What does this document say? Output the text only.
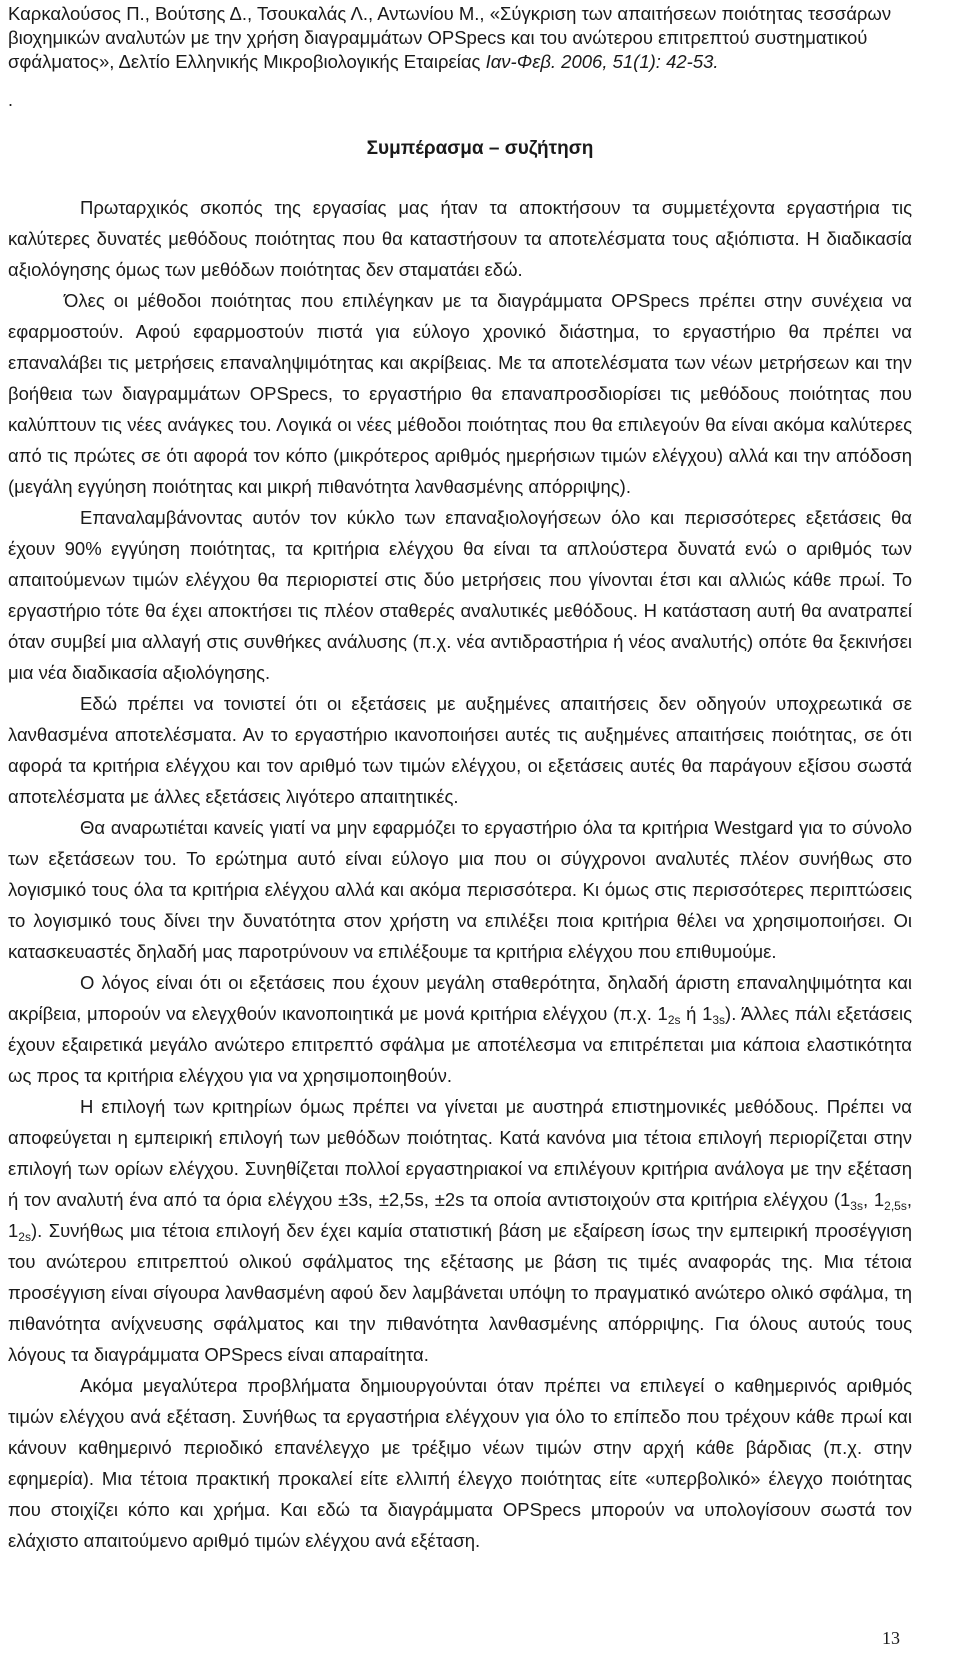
Καρκαλούσος Π., Βούτσης Δ., Τσουκαλάς Λ., Αντωνίου Μ., «Σύγκριση των απαιτήσεων ποιότητας τεσσάρων βιοχημικών αναλυτών με την χρήση διαγραμμάτων OPSpecs και του ανώτερου επιτρεπτού συστηματικού σφάλματος», Δελτίο Ελληνικής Μικροβιολογικής Εταιρείας Ιαν-Φεβ. 2006, 51(1): 42-53.
.
Συμπέρασμα – συζήτηση

Πρωταρχικός σκοπός της εργασίας μας ήταν τα αποκτήσουν τα συμμετέχοντα εργαστήρια τις καλύτερες δυνατές μεθόδους ποιότητας που θα καταστήσουν τα αποτελέσματα τους αξιόπιστα. Η διαδικασία αξιολόγησης όμως των μεθόδων ποιότητας δεν σταματάει εδώ.

Όλες οι μέθοδοι ποιότητας που επιλέγηκαν με τα διαγράμματα OPSpecs πρέπει στην συνέχεια να εφαρμοστούν. Αφού εφαρμοστούν πιστά για εύλογο χρονικό διάστημα, το εργαστήριο θα πρέπει να επαναλάβει τις μετρήσεις επαναληψιμότητας και ακρίβειας. Με τα αποτελέσματα των νέων μετρήσεων και την βοήθεια των διαγραμμάτων OPSpecs, το εργαστήριο θα επαναπροσδιορίσει τις μεθόδους ποιότητας που καλύπτουν τις νέες ανάγκες του. Λογικά οι νέες μέθοδοι ποιότητας που θα επιλεγούν θα είναι ακόμα καλύτερες από τις πρώτες σε ότι αφορά τον κόπο (μικρότερος αριθμός ημερήσιων τιμών ελέγχου) αλλά και την απόδοση (μεγάλη εγγύηση ποιότητας και μικρή πιθανότητα λανθασμένης απόρριψης).

Επαναλαμβάνοντας αυτόν τον κύκλο των επαναξιολογήσεων όλο και περισσότερες εξετάσεις θα έχουν 90% εγγύηση ποιότητας, τα κριτήρια ελέγχου θα είναι τα απλούστερα δυνατά ενώ ο αριθμός των απαιτούμενων τιμών ελέγχου θα περιοριστεί στις δύο μετρήσεις που γίνονται έτσι και αλλιώς κάθε πρωί. Το εργαστήριο τότε θα έχει αποκτήσει τις πλέον σταθερές αναλυτικές μεθόδους. Η κατάσταση αυτή θα ανατραπεί όταν συμβεί μια αλλαγή στις συνθήκες ανάλυσης (π.χ. νέα αντιδραστήρια ή νέος αναλυτής) οπότε θα ξεκινήσει μια νέα διαδικασία αξιολόγησης.

Εδώ πρέπει να τονιστεί ότι οι εξετάσεις με αυξημένες απαιτήσεις δεν οδηγούν υποχρεωτικά σε λανθασμένα αποτελέσματα. Αν το εργαστήριο ικανοποιήσει αυτές τις αυξημένες απαιτήσεις ποιότητας, σε ότι αφορά τα κριτήρια ελέγχου και τον αριθμό των τιμών ελέγχου, οι εξετάσεις αυτές θα παράγουν εξίσου σωστά αποτελέσματα με άλλες εξετάσεις λιγότερο απαιτητικές.

Θα αναρωτιέται κανείς γιατί να μην εφαρμόζει το εργαστήριο όλα τα κριτήρια Westgard για το σύνολο των εξετάσεων του. Το ερώτημα αυτό είναι εύλογο μια που οι σύγχρονοι αναλυτές πλέον συνήθως στο λογισμικό τους όλα τα κριτήρια ελέγχου αλλά και ακόμα περισσότερα. Κι όμως στις περισσότερες περιπτώσεις το λογισμικό τους δίνει την δυνατότητα στον χρήστη να επιλέξει ποια κριτήρια θέλει να χρησιμοποιήσει. Οι κατασκευαστές δηλαδή μας παροτρύνουν να επιλέξουμε τα κριτήρια ελέγχου που επιθυμούμε.

Ο λόγος είναι ότι οι εξετάσεις που έχουν μεγάλη σταθερότητα, δηλαδή άριστη επαναληψιμότητα και ακρίβεια, μπορούν να ελεγχθούν ικανοποιητικά με μονά κριτήρια ελέγχου (π.χ. $1_{2s}$ ή $1_{3s}$). Άλλες πάλι εξετάσεις έχουν εξαιρετικά μεγάλο ανώτερο επιτρεπτό σφάλμα με αποτέλεσμα να επιτρέπεται μια κάποια ελαστικότητα ως προς τα κριτήρια ελέγχου για να χρησιμοποιηθούν.

Η επιλογή των κριτηρίων όμως πρέπει να γίνεται με αυστηρά επιστημονικές μεθόδους. Πρέπει να αποφεύγεται η εμπειρική επιλογή των μεθόδων ποιότητας. Κατά κανόνα μια τέτοια επιλογή περιορίζεται στην επιλογή των ορίων ελέγχου. Συνηθίζεται πολλοί εργαστηριακοί να επιλέγουν κριτήρια ανάλογα με την εξέταση ή τον αναλυτή ένα από τα όρια ελέγχου ±3s, ±2,5s, ±2s τα οποία αντιστοιχούν στα κριτήρια ελέγχου ($1_{3s}$, $1_{2,5s}$, $1_{2s}$). Συνήθως μια τέτοια επιλογή δεν έχει καμία στατιστική βάση με εξαίρεση ίσως την εμπειρική προσέγγιση του ανώτερου επιτρεπτού ολικού σφάλματος της εξέτασης με βάση τις τιμές αναφοράς της. Μια τέτοια προσέγγιση είναι σίγουρα λανθασμένη αφού δεν λαμβάνεται υπόψη το πραγματικό ανώτερο ολικό σφάλμα, τη πιθανότητα ανίχνευσης σφάλματος και την πιθανότητα λανθασμένης απόρριψης. Για όλους αυτούς τους λόγους τα διαγράμματα OPSpecs είναι απαραίτητα.

Ακόμα μεγαλύτερα προβλήματα δημιουργούνται όταν πρέπει να επιλεγεί ο καθημερινός αριθμός τιμών ελέγχου ανά εξέταση. Συνήθως τα εργαστήρια ελέγχουν για όλο το επίπεδο που τρέχουν κάθε πρωί και κάνουν καθημερινό περιοδικό επανέλεγχο με τρέξιμο νέων τιμών στην αρχή κάθε βάρδιας (π.χ. στην εφημερία). Μια τέτοια πρακτική προκαλεί είτε ελλιπή έλεγχο ποιότητας είτε «υπερβολικό» έλεγχο ποιότητας που στοιχίζει κόπο και χρήμα. Και εδώ τα διαγράμματα OPSpecs μπορούν να υπολογίσουν σωστά τον ελάχιστο απαιτούμενο αριθμό τιμών ελέγχου ανά εξέταση.

13
